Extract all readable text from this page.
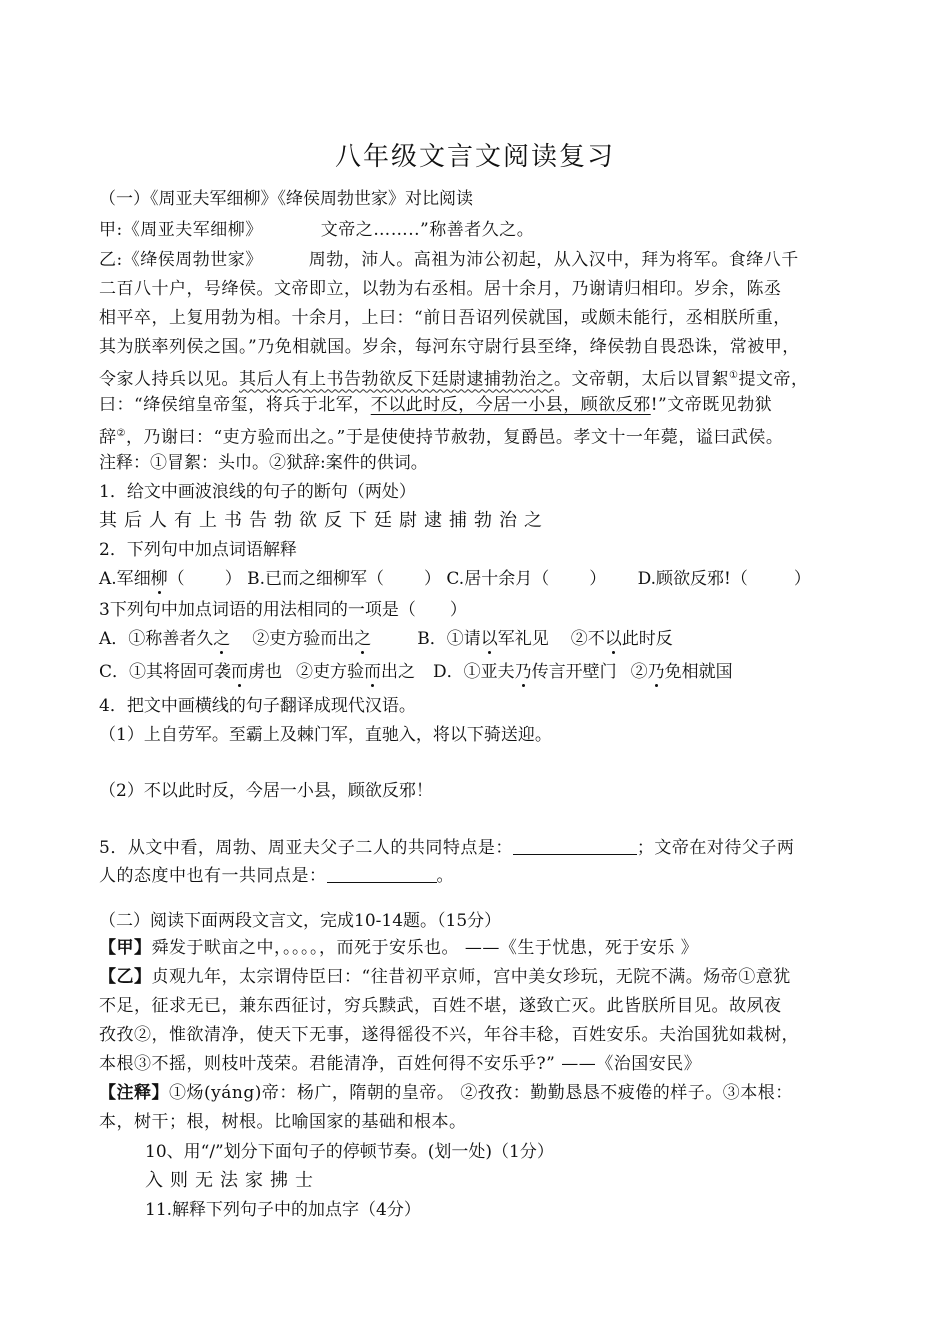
八年级文言文阅读复习
（一）《周亚夫军细柳》《绛侯周勃世家》对比阅读
甲:《周亚夫军细柳》	文帝之……..”称善者久之。
乙:《绛侯周勃世家》	周勃，沛人。高祖为沛公初起，从入汉中，拜为将军。食绛八千
二百八十户，号绛侯。文帝即立，以勃为右丞相。居十余月，乃谢请归相印。岁余，陈丞
相平卒，上复用勃为相。十余月，上曰：“前日吾诏列侯就国，或颇未能行，丞相朕所重，
其为朕率列侯之国。”乃免相就国。岁余，每河东守尉行县至绛，绛侯勃自畏恐诛，常被甲，
令家人持兵以见。其后人有上书告勃欲反下廷尉逮捕勃治之。文帝朝，太后以冒絮①提文帝，
曰：“绛侯绾皇帝玺，将兵于北军，不以此时反，今居一小县，顾欲反邪!”文帝既见勃狱
辞②，乃谢曰：“吏方验而出之。”于是使使持节赦勃，复爵邑。孝文十一年薨，谥曰武侯。
注释：①冒絮：头巾。②狱辞:案件的供词。
1．给文中画波浪线的句子的断句（两处）
其后人有上书告勃欲反下廷尉逮捕勃治之
2．下列句中加点词语解释
A.军细柳（ ） B.已而之细柳军（ ） C.居十余月（ ） D.顾欲反邪!（	）
3下列句中加点词语的用法相同的一项是（　　）
A．①称善者久之 ②吏方验而出之	B．①请以军礼见 ②不以此时反
C．①其将固可袭而虏也 ②吏方验而出之 D．①亚夫乃传言开壁门 ②乃免相就国
4．把文中画横线的句子翻译成现代汉语。
（1）上自劳军。至霸上及棘门军，直驰入，将以下骑送迎。
（2）不以此时反，今居一小县，顾欲反邪！
5．从文中看，周勃、周亚夫父子二人的共同特点是：	；文帝在对待父子两
人的态度中也有一共同点是：	。
（二）阅读下面两段文言文，完成10-14题。（15分）
【甲】舜发于畎亩之中，。。。。，而死于安乐也。 ——《生于忧患，死于安乐 》
【乙】贞观九年，太宗谓侍臣曰：“往昔初平京师，宫中美女珍玩，无院不满。炀帝①意犹
不足，征求无已，兼东西征讨，穷兵黩武，百姓不堪，遂致亡灭。此皆朕所目见。故夙夜
孜孜②，惟欲清净，使天下无事，遂得徭役不兴，年谷丰稔，百姓安乐。夫治国犹如栽树，
本根③不摇，则枝叶茂荣。君能清净，百姓何得不安乐乎?” ——《治国安民》
【注释】①炀(yáng)帝：杨广，隋朝的皇帝。 ②孜孜：勤勤恳恳不疲倦的样子。③本根：
本，树干；根，树根。比喻国家的基础和根本。
10、用“/”划分下面句子的停顿节奏。(划一处)（1分）
入则无法家拂士
11.解释下列句子中的加点字（4分）
